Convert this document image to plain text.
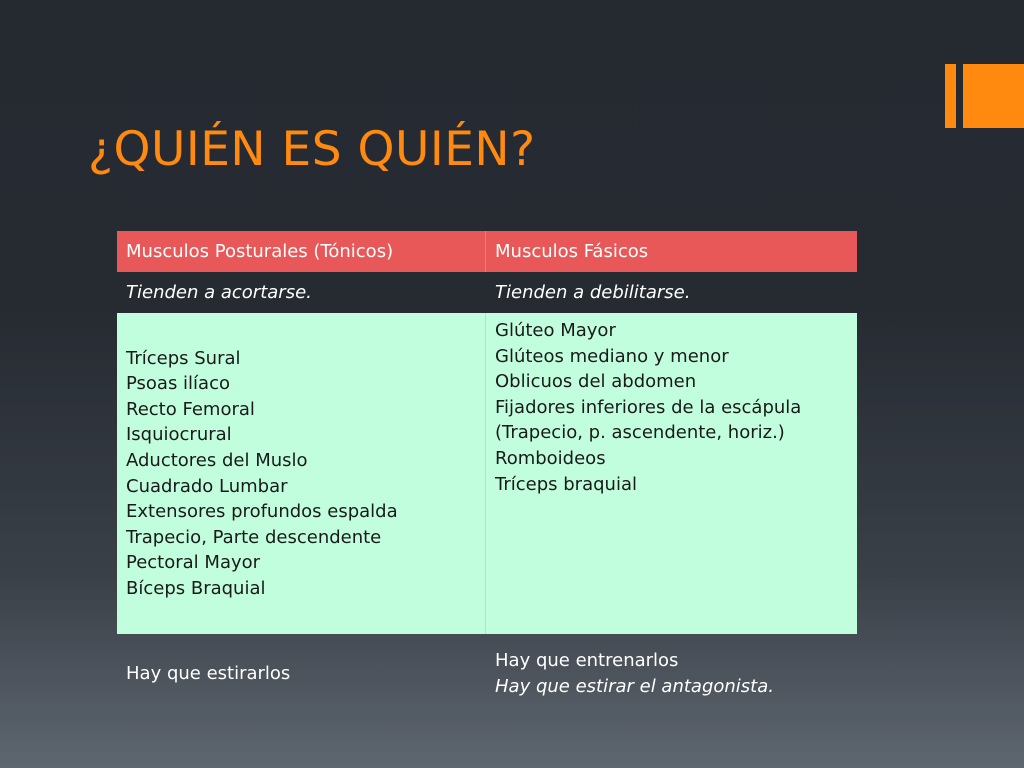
¿QUIÉN ES QUIÉN?
Musculos Posturales (Tónicos)	Musculos Fásicos
Tienden a acortarse.	Tienden a debilitarse.
Tríceps Sural
Psoas ilíaco
Recto Femoral
Isquiocrural
Aductores del Muslo
Cuadrado Lumbar
Extensores profundos espalda
Trapecio, Parte descendente
Pectoral Mayor
Bíceps Braquial
Glúteo Mayor
Glúteos mediano y menor
Oblicuos del abdomen
Fijadores inferiores de la escápula
(Trapecio, p. ascendente, horiz.)
Romboideos
Tríceps braquial
Hay que estirarlos
Hay que entrenarlos
Hay que estirar el antagonista.
